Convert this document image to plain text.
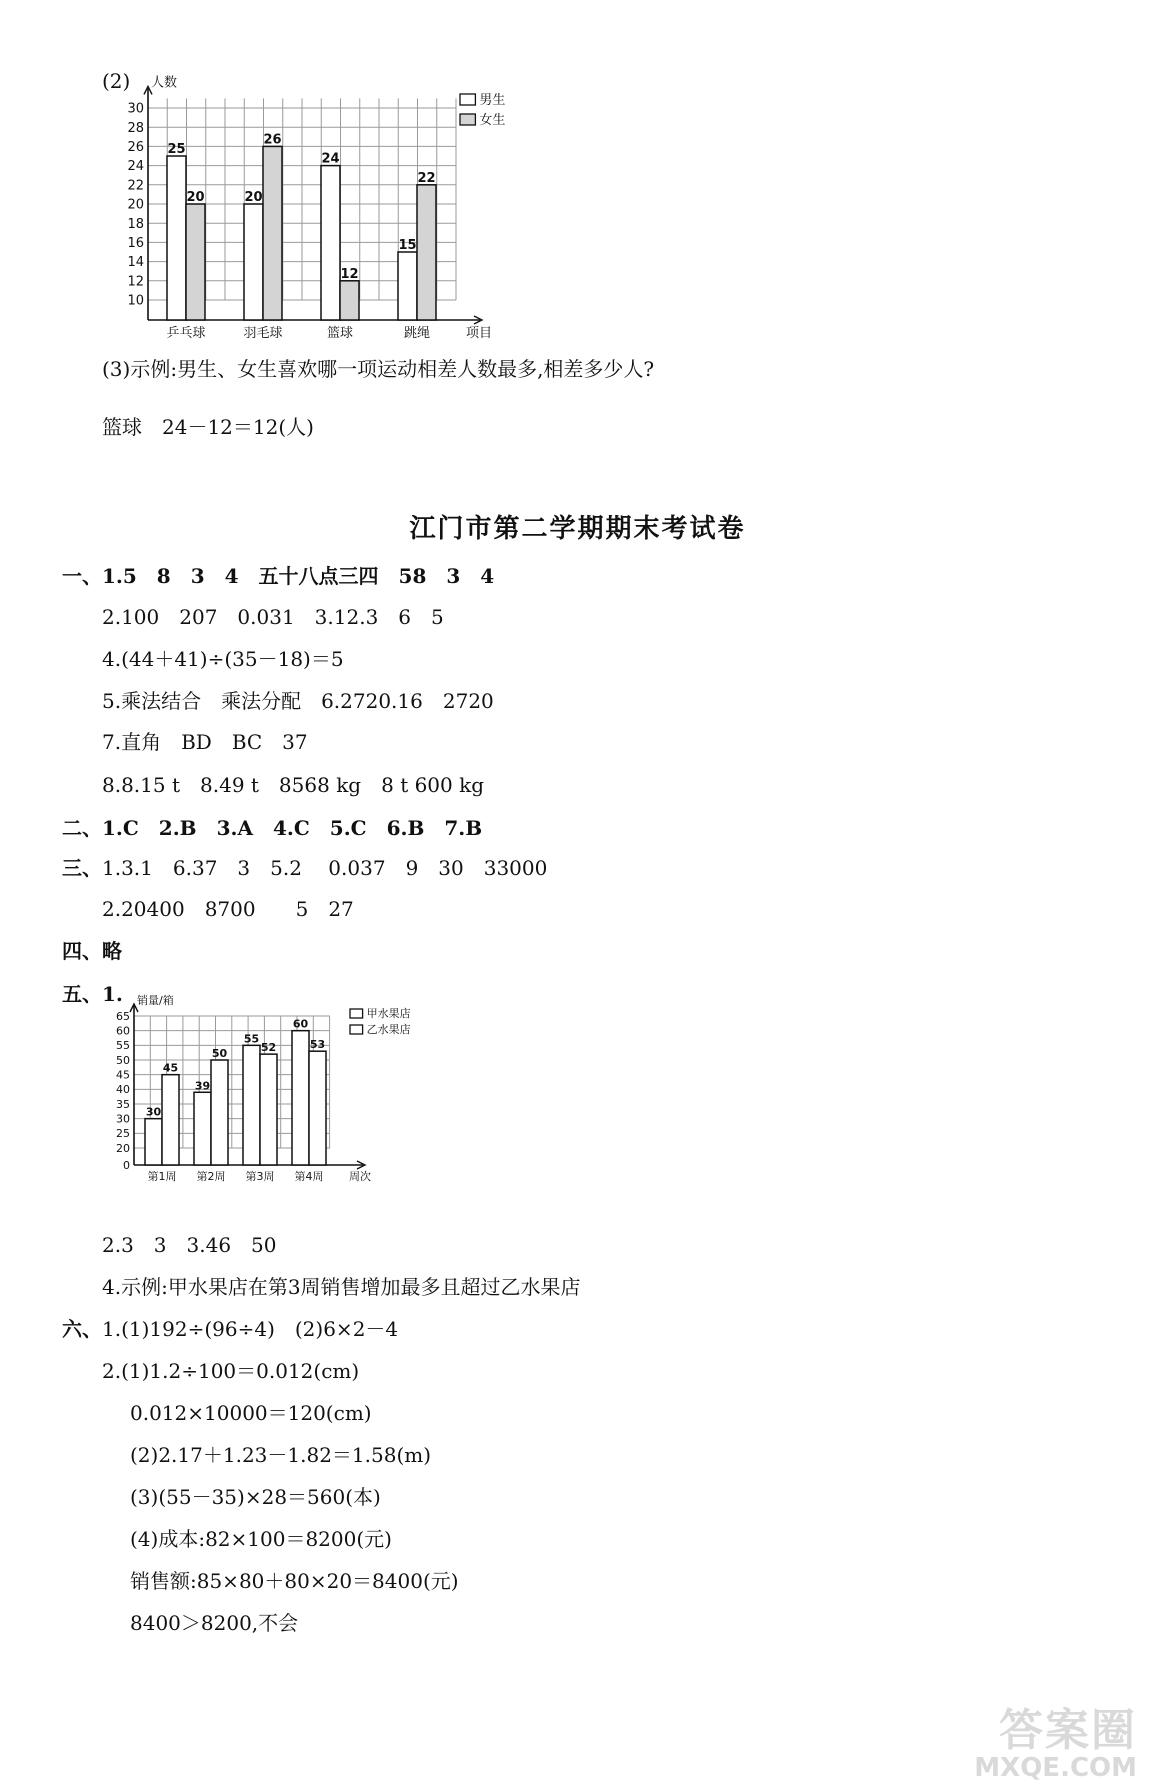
(2)
10
12
14
16
18
20
22
24
26
28
30
人数
项目
25
20
乒乓球
20
26
羽毛球
24
12
篮球
15
22
跳绳
男生
女生
(3)示例:男生、女生喜欢哪一项运动相差人数最多,相差多少人?
篮球　24－12＝12(人)
江门市第二学期期末考试卷
一、1.5　8　3　4　五十八点三四　58　3　4
2.100　207　0.031　3.12.3　6　5
4.(44＋41)÷(35－18)＝5
5.乘法结合　乘法分配　6.2720.16　2720
7.直角　BD　BC　37
8.8.15 t　8.49 t　8568 kg　8 t 600 kg
二、1.C　2.B　3.A　4.C　5.C　6.B　7.B
三、1.3.1　6.37　3　5.2　 0.037　9　30　33000
2.20400　8700　　5　27
四、略
五、1.
0
20
25
30
35
40
45
50
55
60
65
销量/箱
周次
30
45
第1周
39
50
第2周
55
52
第3周
60
53
第4周
甲水果店
乙水果店
2.3　3　3.46　50
4.示例:甲水果店在第3周销售增加最多且超过乙水果店
六、1.(1)192÷(96÷4)　(2)6×2－4
2.(1)1.2÷100＝0.012(cm)
0.012×10000＝120(cm)
(2)2.17＋1.23－1.82＝1.58(m)
(3)(55－35)×28＝560(本)
(4)成本:82×100＝8200(元)
销售额:85×80＋80×20＝8400(元)
8400＞8200,不会
答案圈
MXQE.COM
